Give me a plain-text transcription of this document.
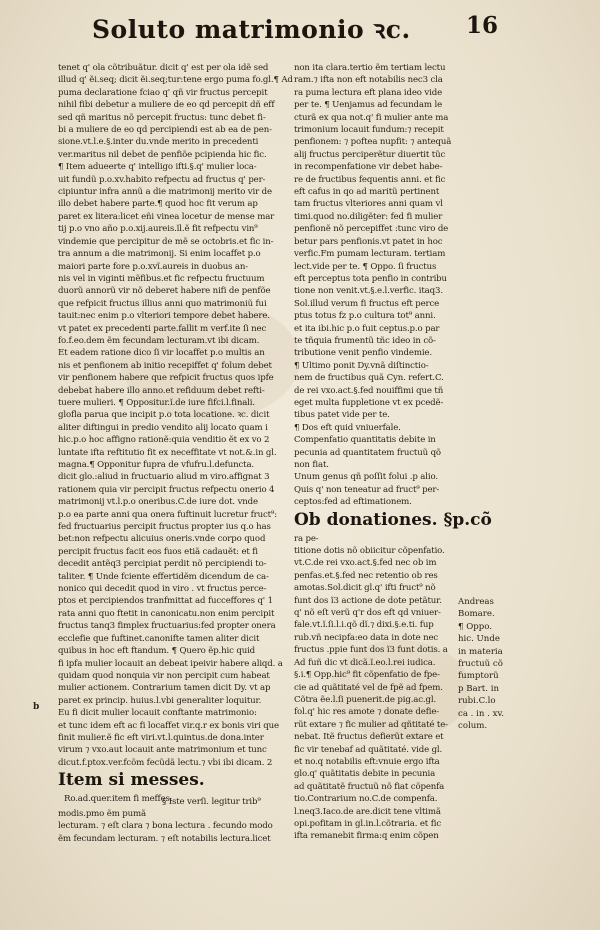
Soluto matrimonio ꝛc. 16
tenet q' ola cõtribuãtur. dicit q' est per ola idẽ sed
illud q' ĕi.seq; dicit ĕi.seq;tur:tene ergo puma fo.gl.¶ Ad
puma declaratione fciao q' qñ vir fructus percepit
nihil fibi debetur a muliere de eo qd percepit dñ eff
sed qñ maritus nõ percepit fructus: tunc debet fi-
bi a muliere de eo qd percipiendi est ab ea de pen-
sione.vt.l.e.§.inter du.vnde merito in precedenti
ver.maritus nil debet de penfiõe pcipienda hic fic.
¶ Item adueerte q' intelligo ifti.§.q' mulier loca-
uit fundũ p.o.xv.habito refpectu ad fructus q' per-
cipiuntur infra annũ a die matrimonij merito vir de
illo debet habere parte.¶ quod hoc fit verum ap
paret ex litera:licet eñi vinea locetur de mense mar
tij p.o vno año p.o.xij.aureis.ĭl.ĕ fit refpectu vin⁹
vindemie que percipitur de mẽ se octobris.et fic in-
tra annum a die matrimonij. Si enim locaffet p.o
maiori parte fore p.o.xvĩ.aureis in duobus an-
nis vel in viginti mẽfibus.et fic refpectu fructuum
duorũ annorũ vir nõ deberet habere nifi de penfõe
que refpicit fructus illius anni quo matrimoniũ fui
tauit:nec enim p.o vlteriori tempore debet habere.
vt patet ex precedenti parte.fallit m verf.ite ſi nec
fo.f.eo.dem ẽm fecundam lecturam.vt ibi dicam.
Et eadem ratione dico ſi vir locaffet p.o multis an
nis et penfionem ab initio recepiffet q' folum debet
vir penfionem habere que refpicit fructus quos ipfe
debebat habere illo anno.et refiduum debet refti-
tuere mulieri. ¶ Oppositur.ĭ.de iure fifci.l.finali.
glofla parua que incipit p.o tota locatione. ꝛc. dicit
aliter diftingui in predio vendito alij locato quam i
hic.p.o hoc affigno rationẽ:quia venditio ĕt ex vo 2
luntate ifta reftitutio fit ex neceffitate vt not.&.in gl.
magna.¶ Opponitur fupra de vfufru.l.defuncta.
dicit glo.:aliud in fructuario aliud m viro.affignat 3
rationem quia vir percipit fructus refpectu onerio 4
matrimonij vt.l.p.o oneribus.C.de iure dot. vnde
p.o ea parte anni qua onera fuftinuit lucretur fruct⁹:
fed fructuarius percipit fructus propter ius q.o has
bet:non refpectu alicuius oneris.vnde corpo quod
percipit fructus facit eos fuos etiã cadauĕt: et fi
decedit antẽq3 percipiat perdit nõ percipiendi to-
taliter. ¶ Unde fciente effertidẽm dicendum de ca-
nonico qui decedit quod in viro . vt fructus perce-
ptos et percipiendos tranfmittat ad fucceffores q' 1
rata anni quo ftetit in canonicatu.non enim percipit
fructus tanq3 fimplex fructuarius:fed propter onera
ecclefie que fuftinet.canonifte tamen aliter dicit
quibus in hoc eft ftandum. ¶ Quero ẽp.hic quid
fi ipfa mulier locauit an debeat ipeivir habere aliqd. a
quidam quod nonquia vir non percipit cum habeat
mulier actionem. Contrarium tamen dicit Dy. vt ap
paret ex princip. huius.l.vbi generaliter loquitur.
Eu fi dicit mulier locauit conftante matrimonio:
et tunc idem eft ac fi locaffet vir.q.r ex bonis viri que
finit mulier.ẽ fic eft viri.vt.l.quintus.de dona.inter
virum ⁊ vxo.aut locauit ante matrimonium et tunc
dicut.f.ptox.ver.fcõm fecũdã lectu.⁊ vbi ibi dicam. 2
Item si messes.Ro.ad.quer.item fi meffes.
§ Iste verſi. legitur trib⁹
modis.pmo ẽm pumã
lecturam. ⁊ eſt clara ⁊ bona lectura . fecundo modo
ẽm fecundam lecturam. ⁊ eſt notabilis lectura.licet
non ita clara.tertio ẽm tertiam lectu
ram.⁊ ifta non eft notabilis nec3 cla
ra puma lectura eft plana ideo vide
per te. ¶ Uenjamus ad fecundam le
cturã ex qua not.q' fi mulier ante ma
trimonium locauit fundum:⁊ recepit
penfionem: ⁊ poftea nupfit: ⁊ antequã
alij fructus perciperẽtur diuertit tũc
in recompenfatione vir debet habe-
re de fructibus fequentis anni. et fic
eft cafus in qo ad maritũ pertinent
tam fructus vlteriores anni quam vl
timi.quod no.diligẽter: fed fi mulier
penfionẽ nõ percepiffet :tunc viro de
betur pars penfionis.vt patet in hoc
verfic.Fm pumam lecturam. tertiam
lect.vide per te. ¶ Oppo. ſi fructus
eft perceptus tota penfio in contribu
tione non venit.vt.§.e.l.verfic. itaq3.
Sol.illud verum fi fructus eft perce
ptus totus fz p.o cultura tot⁹ anni.
et ita ibi.hic p.o fuit ceptus.p.o par
te tñquia frumentũ tñc ideo in cõ-
tributione venit penfio vindemie.
¶ Ultimo ponit Dy.vnã diſtinctio-
nem de fructibus quã Cyn. refert.C.
de rei vxo.act.§.fed nouiffimi que tñ
eget multa fuppletione vt ex pcedẽ-
tibus patet vide per te.
¶ Dos eft quid vniuerfale.
Compenfatio quantitatis debite in
pecunia ad quantitatem fructuũ qõ
non fiat.
Unum genus qñ poſſit folui .p alio.
Quis q' non teneatur ad fruct⁹ per-
ceptos:fed ad eftimationem.
Ob donationes. §p.cõ
ra pe-
titione dotis nõ obiicitur cõpenfatio.
vt.C.de rei vxo.act.§.fed nec ob im
penfas.et.§.fed nec retentio ob res
amotas.Sol.dicit gl.q' ifti fruct⁹ nõ
funt dos ĭ3 actione de dote petãtur.
q' nõ eſt verũ q'r dos eft qd vniuer-
fale.vt.ĭ.ſi.l.i.qõ dĭ.⁊ dixi.§.e.ti. fup
rub.vñ necipfa:eo data in dote nec
fructus .ppie funt dos ĭ3 funt dotis. a
Ad fuñ dic vt dicã.ĭ.eo.l.rei iudica.
§.i.¶ Opp.hic⁹ fit cõpenfatio de fpe-
cie ad quãtitaté vel de fpẽ ad fpem.
Cõtra ẽe.l.ſi puenerit.de pig.ac.gl.
fol.q' hic res amote ⁊ donate defie-
rũt extare ⁊ fic mulier ad qñtitaté te-
nebat. Itẽ fructus defierũt extare et
fic vir tenebaf ad quãtitaté. vide gl.
et no.q notabilis eft:vnuie ergo ifta
glo.q' quãtitatis debite in pecunia
ad quãtitatẽ fructuũ nõ fiat cõpenfa
tio.Contrarium no.C.de compenfa.
l.neq3.Iaco.de are.dicit tene vltimã
opi.pofitam in gl.in.l.cõtraria. et fic
ifta remanebit firma:q enim cõpen
b
Andreas
Bomare.
¶ Oppo.
hic. Unde
in materia
fructuũ cõ
fumptorũ
p Bart. in
rubi.C.lo
ca . in . xv.
colum.
